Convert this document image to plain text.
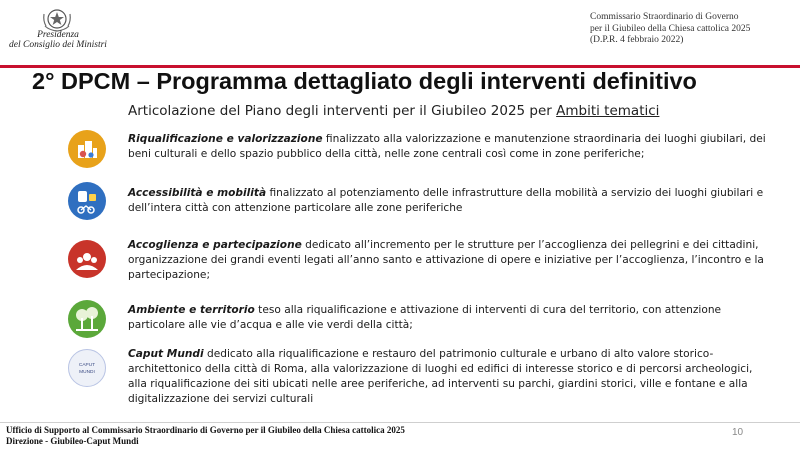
Presidenza
del Consiglio dei Ministri
Commissario Straordinario di Governo
per il Giubileo della Chiesa cattolica 2025
(D.P.R. 4 febbraio 2022)
2° DPCM – Programma dettagliato degli interventi definitivo
Articolazione del Piano degli interventi per il Giubileo 2025 per Ambiti tematici
Riqualificazione e valorizzazione finalizzato alla valorizzazione e manutenzione straordinaria dei luoghi giubilari, dei beni culturali e dello spazio pubblico della città, nelle zone centrali così come in zone periferiche;
Accessibilità e mobilità finalizzato al potenziamento delle infrastrutture della mobilità a servizio dei luoghi giubilari e dell’intera città con attenzione particolare alle zone periferiche
Accoglienza e partecipazione dedicato all’incremento per le strutture per l’accoglienza dei pellegrini e dei cittadini, organizzazione dei grandi eventi legati all’anno santo e attivazione di opere e iniziative per l’accoglienza, l’incontro e la partecipazione;
Ambiente e territorio teso alla riqualificazione e attivazione di interventi di cura del territorio, con attenzione particolare alle vie d’acqua e alle vie verdi della città;
CAPUT
MUNDI
Caput Mundi dedicato alla riqualificazione e restauro del patrimonio culturale e urbano di alto valore storico-architettonico della città di Roma, alla valorizzazione di luoghi ed edifici di interesse storico e di percorsi archeologici, alla riqualificazione dei siti ubicati nelle aree periferiche, ad interventi su parchi, giardini storici, ville e fontane e alla digitalizzazione dei servizi culturali
Ufficio di Supporto al Commissario Straordinario di Governo per il Giubileo della Chiesa cattolica 2025
Direzione - Giubileo-Caput Mundi
10
